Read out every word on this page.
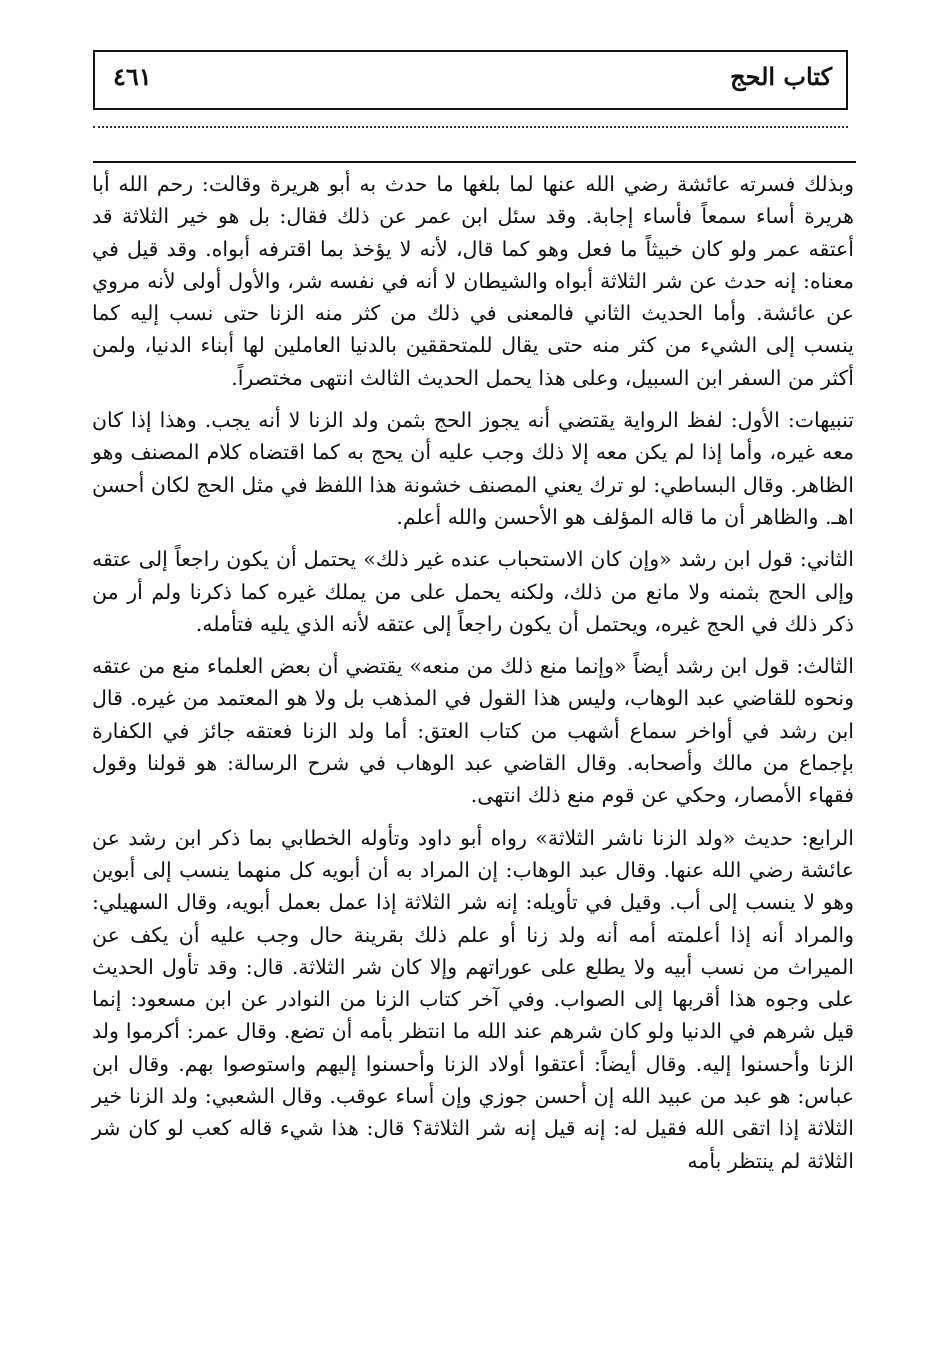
كتاب الحج
٤٦١

وبذلك فسرته عائشة رضي الله عنها لما بلغها ما حدث به أبو هريرة وقالت: رحم الله أبا هريرة أساء سمعاً فأساء إجابة. وقد سئل ابن عمر عن ذلك فقال: بل هو خير الثلاثة قد أعتقه عمر ولو كان خبيثاً ما فعل وهو كما قال، لأنه لا يؤخذ بما اقترفه أبواه. وقد قيل في معناه: إنه حدث عن شر الثلاثة أبواه والشيطان لا أنه في نفسه شر، والأول أولى لأنه مروي عن عائشة. وأما الحديث الثاني فالمعنى في ذلك من كثر منه الزنا حتى نسب إليه كما ينسب إلى الشيء من كثر منه حتى يقال للمتحققين بالدنيا العاملين لها أبناء الدنيا، ولمن أكثر من السفر ابن السبيل، وعلى هذا يحمل الحديث الثالث انتهى مختصراً.

تنبيهات: الأول: لفظ الرواية يقتضي أنه يجوز الحج بثمن ولد الزنا لا أنه يجب. وهذا إذا كان معه غيره، وأما إذا لم يكن معه إلا ذلك وجب عليه أن يحج به كما اقتضاه كلام المصنف وهو الظاهر. وقال البساطي: لو ترك يعني المصنف خشونة هذا اللفظ في مثل الحج لكان أحسن اهـ. والظاهر أن ما قاله المؤلف هو الأحسن والله أعلم.

الثاني: قول ابن رشد «وإن كان الاستحباب عنده غير ذلك» يحتمل أن يكون راجعاً إلى عتقه وإلى الحج بثمنه ولا مانع من ذلك، ولكنه يحمل على من يملك غيره كما ذكرنا ولم أر من ذكر ذلك في الحج غيره، ويحتمل أن يكون راجعاً إلى عتقه لأنه الذي يليه فتأمله.

الثالث: قول ابن رشد أيضاً «وإنما منع ذلك من منعه» يقتضي أن بعض العلماء منع من عتقه ونحوه للقاضي عبد الوهاب، وليس هذا القول في المذهب بل ولا هو المعتمد من غيره. قال ابن رشد في أواخر سماع أشهب من كتاب العتق: أما ولد الزنا فعتقه جائز في الكفارة بإجماع من مالك وأصحابه. وقال القاضي عبد الوهاب في شرح الرسالة: هو قولنا وقول فقهاء الأمصار، وحكي عن قوم منع ذلك انتهى.

الرابع: حديث «ولد الزنا ناشر الثلاثة» رواه أبو داود وتأوله الخطابي بما ذكر ابن رشد عن عائشة رضي الله عنها. وقال عبد الوهاب: إن المراد به أن أبويه كل منهما ينسب إلى أبوين وهو لا ينسب إلى أب. وقيل في تأويله: إنه شر الثلاثة إذا عمل بعمل أبويه، وقال السهيلي: والمراد أنه إذا أعلمته أمه أنه ولد زنا أو علم ذلك بقرينة حال وجب عليه أن يكف عن الميراث من نسب أبيه ولا يطلع على عوراتهم وإلا كان شر الثلاثة. قال: وقد تأول الحديث على وجوه هذا أقربها إلى الصواب. وفي آخر كتاب الزنا من النوادر عن ابن مسعود: إنما قيل شرهم في الدنيا ولو كان شرهم عند الله ما انتظر بأمه أن تضع. وقال عمر: أكرموا ولد الزنا وأحسنوا إليه. وقال أيضاً: أعتقوا أولاد الزنا وأحسنوا إليهم واستوصوا بهم. وقال ابن عباس: هو عبد من عبيد الله إن أحسن جوزي وإن أساء عوقب. وقال الشعبي: ولد الزنا خير الثلاثة إذا اتقى الله فقيل له: إنه قيل إنه شر الثلاثة؟ قال: هذا شيء قاله كعب لو كان شر الثلاثة لم ينتظر بأمه
